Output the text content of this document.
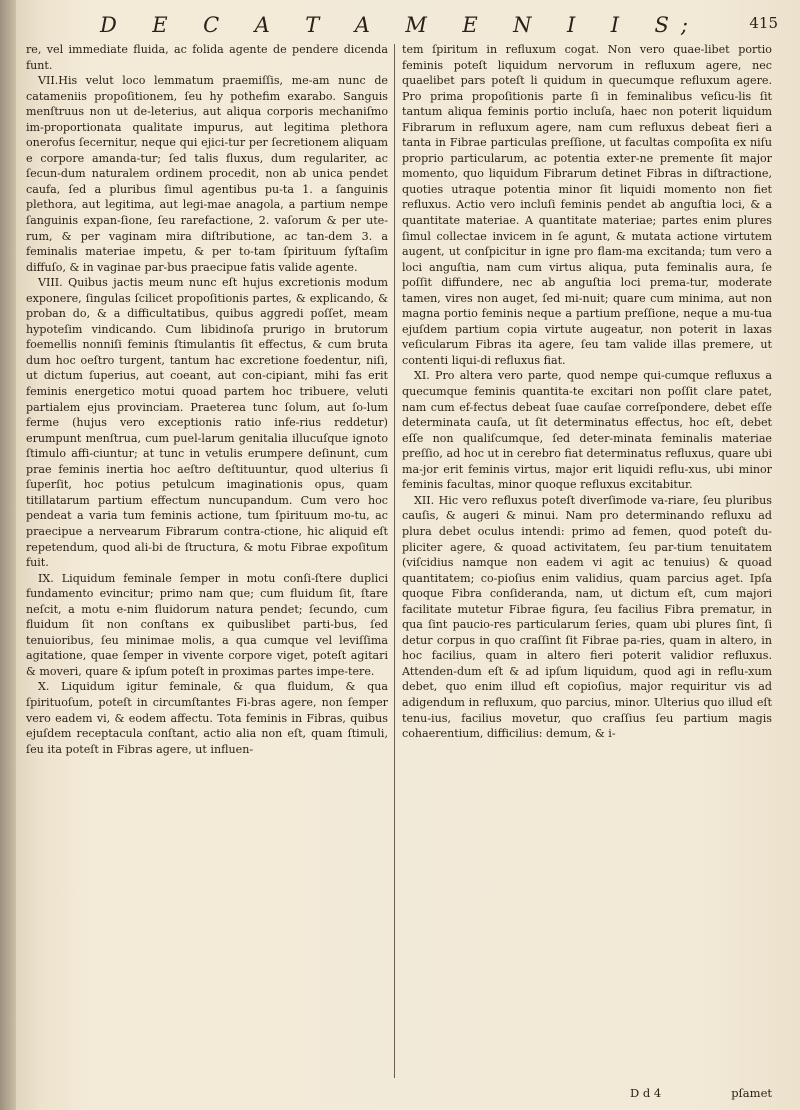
D E C A T A M E N I I S;	415

re, vel immediate fluida, ac folida agente de pendere dicenda funt.

VII.His velut loco lemmatum praemiſſis, me-am nunc de catameniis propoſitionem, ſeu hy pothefim exarabo. Sanguis menſtruus non ut de-leterius, aut aliqua corporis mechaniſmo im-proportionata qualitate impurus, aut legitima plethora onerofus ſecernitur, neque qui ejici-tur per ſecretionem aliquam e corpore amanda-tur; ſed talis fluxus, dum regulariter, ac ſecun-dum naturalem ordinem procedit, non ab unica pendet caufa, ſed a pluribus ſimul agentibus pu-ta 1. a ſanguinis plethora, aut legitima, aut legi-mae anagola, a partium nempe ſanguinis expan-ſione, ſeu rarefactione, 2. vaſorum & per ute-rum, & per vaginam mira diſtributione, ac tan-dem 3. a feminalis materiae impetu, & per to-tam ſpirituum ſyſtaſim diffuſo, & in vaginae par-bus praecipue fatis valide agente.

VIII. Quibus jactis meum nunc eſt hujus excretionis modum exponere, ſingulas ſcilicet propoſitionis partes, & explicando, & proban do, & a difficultatibus, quibus aggredi poſſet, meam hypoteſim vindicando. Cum libidinoſa prurigo in brutorum foemellis nonniſi feminis ſtimulantis ſit effectus, & cum bruta dum hoc oeſtro turgent, tantum hac excretione foedentur, niſi, ut dictum ſuperius, aut coeant, aut con-cipiant, mihi fas erit feminis energetico motui quoad partem hoc tribuere, veluti partialem ejus provinciam. Praeterea tunc ſolum, aut ſo-lum ferme (hujus vero exceptionis ratio infe-rius reddetur) erumpunt menſtrua, cum puel-larum genitalia illucuſque ignoto ſtimulo affi-ciuntur; at tunc in vetulis erumpere deſinunt, cum prae feminis inertia hoc aeſtro deſtituuntur, quod ulterius ſi ſuperſit, hoc potius petulcum imaginationis opus, quam titillatarum partium effectum nuncupandum. Cum vero hoc pendeat a varia tum feminis actione, tum ſpirituum mo-tu, ac praecipue a nervearum Fibrarum contra-ctione, hic aliquid eſt repetendum, quod ali-bi de ſtructura, & motu Fibrae expoſitum fuit.

IX. Liquidum feminale ſemper in motu conſi-ſtere duplici fundamento evincitur; primo nam que; cum fluidum ſit, ſtare neſcit, a motu e-nim fluidorum natura pendet; ſecundo, cum fluidum ſit non conſtans ex quibuslibet parti-bus, ſed tenuioribus, ſeu minimae molis, a qua cumque vel leviſſima agitatione, quae ſemper in vivente corpore viget, poteſt agitari & moveri, quare & ipſum poteſt in proximas partes impe-tere.

X. Liquidum igitur feminale, & qua fluidum, & qua ſpirituoſum, poteſt in circumſtantes Fi-bras agere, non ſemper vero eadem vi, & eodem affectu. Tota feminis in Fibras, quibus ejuſdem receptacula conſtant, actio alia non eſt, quam ſtimuli, ſeu ita poteſt in Fibras agere, ut influen-

tem ſpiritum in refluxum cogat. Non vero quae-libet portio feminis poteſt liquidum nervorum in refluxum agere, nec quaelibet pars poteſt li quidum in quecumque refluxum agere. Pro prima propoſitionis parte ſi in feminalibus veſicu-lis ſit tantum aliqua feminis portio incluſa, haec non poterit liquidum Fibrarum in refluxum agere, nam cum refluxus debeat fieri a tanta in Fibrae particulas preſſione, ut facultas compoſita ex niſu proprio particularum, ac potentia exter-ne premente ſit major momento, quo liquidum Fibrarum detinet Fibras in diſtractione, quoties utraque potentia minor ſit liquidi momento non fiet refluxus. Actio vero incluſi feminis pendet ab anguſtia loci, & a quantitate materiae. A quantitate materiae; partes enim plures ſimul collectae invicem in ſe agunt, & mutata actione virtutem augent, ut conſpicitur in igne pro flam-ma excitanda; tum vero a loci anguſtia, nam cum virtus aliqua, puta feminalis aura, ſe poſſit diffundere, nec ab anguſtia loci prema-tur, moderate tamen, vires non auget, ſed mi-nuit; quare cum minima, aut non magna portio feminis neque a partium preſſione, neque a mu-tua ejuſdem partium copia virtute augeatur, non poterit in laxas veſicularum Fibras ita agere, ſeu tam valide illas premere, ut contenti liqui-di refluxus fiat.

XI. Pro altera vero parte, quod nempe qui-cumque refluxus a quecumque feminis quantita-te excitari non poſſit clare patet, nam cum ef-fectus debeat ſuae cauſae correſpondere, debet eſſe determinata cauſa, ut ſit determinatus effectus, hoc eſt, debet eſſe non qualiſcumque, ſed deter-minata feminalis materiae preſſio, ad hoc ut in cerebro fiat determinatus refluxus, quare ubi ma-jor erit feminis virtus, major erit liquidi reflu-xus, ubi minor feminis facultas, minor quoque refluxus excitabitur.

XII. Hic vero refluxus poteſt diverſimode va-riare, ſeu pluribus cauſis, & augeri & minui. Nam pro determinando refluxu ad plura debet oculus intendi: primo ad femen, quod poteſt du-pliciter agere, & quoad activitatem, ſeu par-tium tenuitatem (viſcidius namque non eadem vi agit ac tenuius) & quoad quantitatem; co-pioſius enim validius, quam parcius aget. Ipſa quoque Fibra conſideranda, nam, ut dictum eſt, cum majori facilitate mutetur Fibrae figura, ſeu facilius Fibra prematur, in qua ſint paucio-res particularum ſeries, quam ubi plures ſint, ſi detur corpus in quo craſſint ſit Fibrae pa-ries, quam in altero, in hoc facilius, quam in altero fieri poterit validior refluxus. Attenden-dum eſt & ad ipſum liquidum, quod agi in reflu-xum debet, quo enim illud eſt copioſius, major requiritur vis ad adigendum in refluxum, quo parcius, minor. Ulterius quo illud eſt tenu-ius, facilius movetur, quo craſſius ſeu partium magis cohaerentium, difficilius: demum, & i-

D d 4	pſamet
